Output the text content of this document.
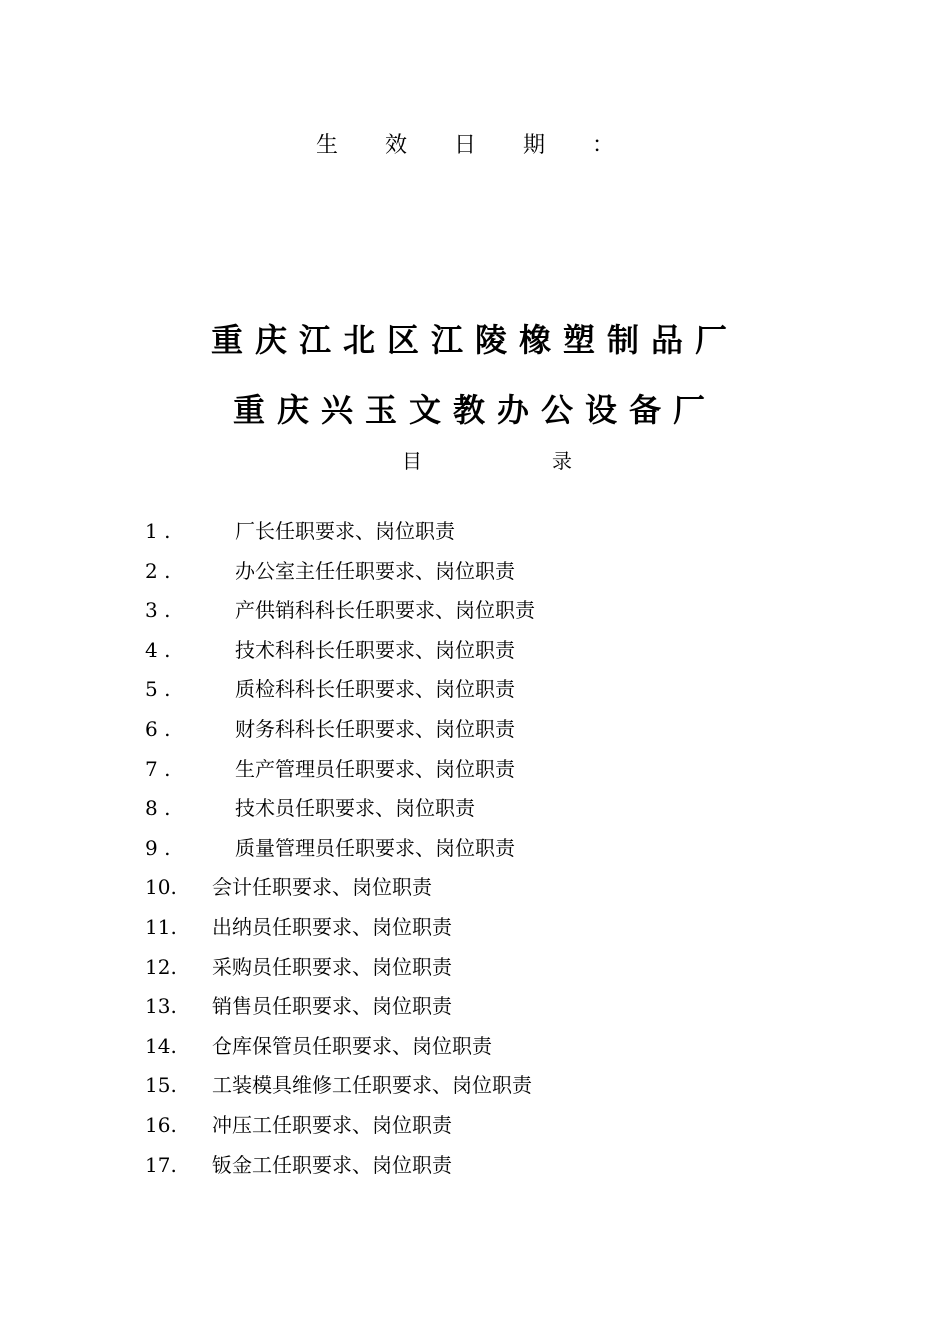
生 效 日 期 ：
重庆江北区江陵橡塑制品厂
重庆兴玉文教办公设备厂
目	录
1 .	厂长任职要求、岗位职责
2 .	办公室主任任职要求、岗位职责
3 .	产供销科科长任职要求、岗位职责
4 .	技术科科长任职要求、岗位职责
5 .	质检科科长任职要求、岗位职责
6 .	财务科科长任职要求、岗位职责
7 .	生产管理员任职要求、岗位职责
8 .	技术员任职要求、岗位职责
9 .	质量管理员任职要求、岗位职责
10. 会计任职要求、岗位职责
11. 出纳员任职要求、岗位职责
12. 采购员任职要求、岗位职责
13. 销售员任职要求、岗位职责
14. 仓库保管员任职要求、岗位职责
15. 工装模具维修工任职要求、岗位职责
16. 冲压工任职要求、岗位职责
17. 钣金工任职要求、岗位职责
